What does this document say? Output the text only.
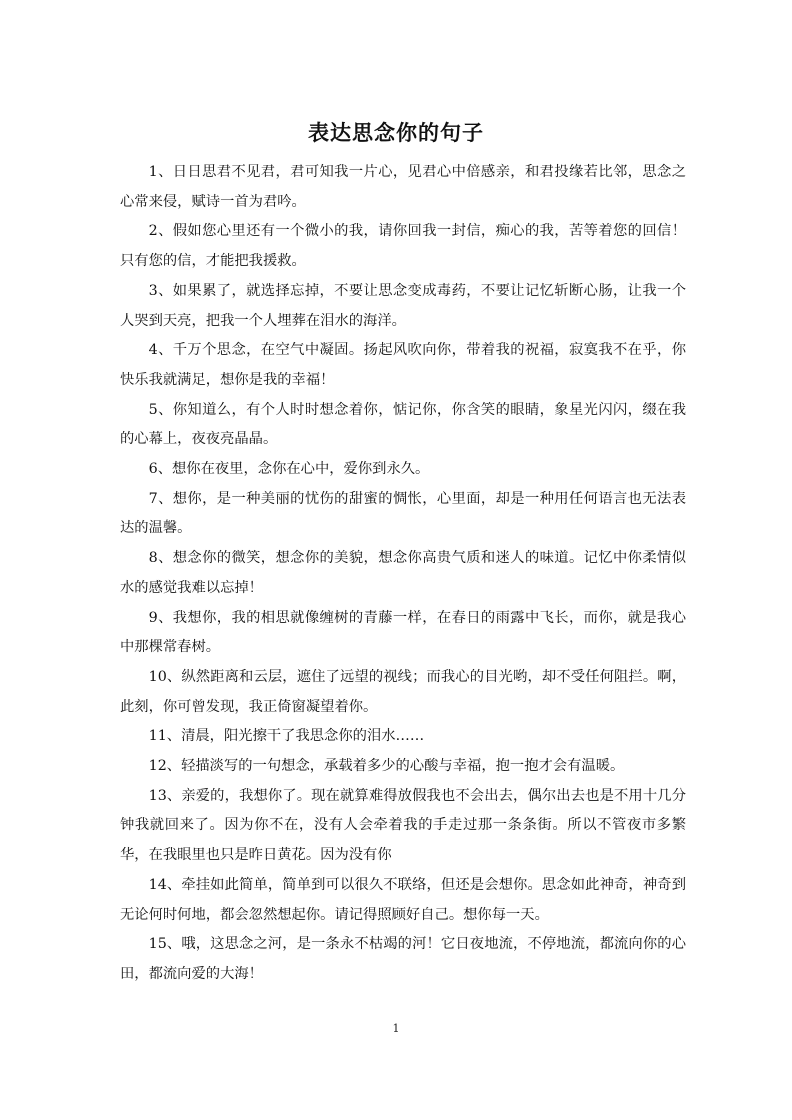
表达思念你的句子

1、日日思君不见君，君可知我一片心，见君心中倍感亲，和君投缘若比邻，思念之心常来侵，赋诗一首为君吟。

2、假如您心里还有一个微小的我，请你回我一封信，痴心的我，苦等着您的回信！只有您的信，才能把我援救。

3、如果累了，就选择忘掉，不要让思念变成毒药，不要让记忆斩断心肠，让我一个人哭到天亮，把我一个人埋葬在泪水的海洋。

4、千万个思念，在空气中凝固。扬起风吹向你，带着我的祝福，寂寞我不在乎，你快乐我就满足，想你是我的幸福！

5、你知道么，有个人时时想念着你，惦记你，你含笑的眼睛，象星光闪闪，缀在我的心幕上，夜夜亮晶晶。

6、想你在夜里，念你在心中，爱你到永久。

7、想你，是一种美丽的忧伤的甜蜜的惆怅，心里面，却是一种用任何语言也无法表达的温馨。

8、想念你的微笑，想念你的美貌，想念你高贵气质和迷人的味道。记忆中你柔情似水的感觉我难以忘掉！

9、我想你，我的相思就像缠树的青藤一样，在春日的雨露中飞长，而你，就是我心中那棵常春树。

10、纵然距离和云层，遮住了远望的视线；而我心的目光哟，却不受任何阻拦。啊，此刻，你可曾发现，我正倚窗凝望着你。

11、清晨，阳光擦干了我思念你的泪水……

12、轻描淡写的一句想念，承载着多少的心酸与幸福，抱一抱才会有温暖。

13、亲爱的，我想你了。现在就算难得放假我也不会出去，偶尔出去也是不用十几分钟我就回来了。因为你不在，没有人会牵着我的手走过那一条条街。所以不管夜市多繁华，在我眼里也只是昨日黄花。因为没有你

14、牵挂如此简单，简单到可以很久不联络，但还是会想你。思念如此神奇，神奇到无论何时何地，都会忽然想起你。请记得照顾好自己。想你每一天。

15、哦，这思念之河，是一条永不枯竭的河！它日夜地流，不停地流，都流向你的心田，都流向爱的大海！

1
